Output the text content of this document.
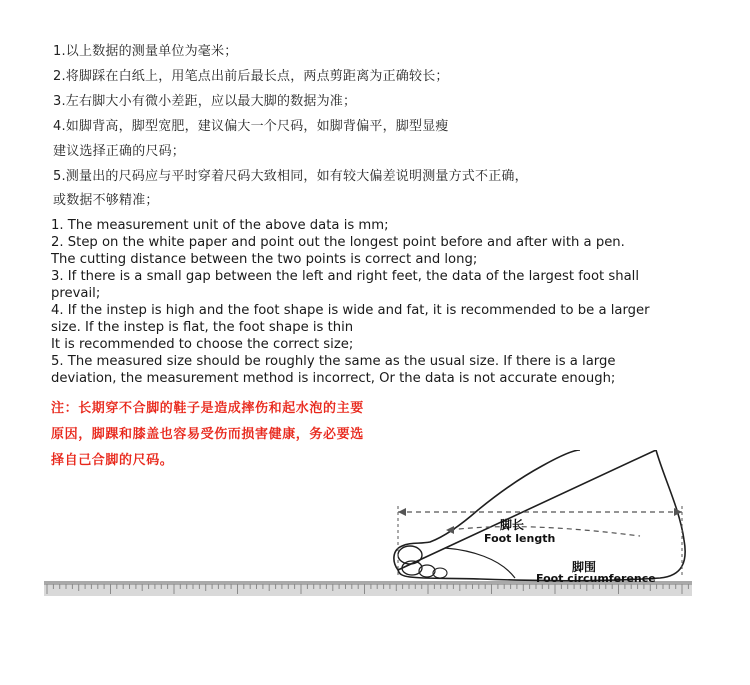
1.以上数据的测量单位为毫米；
2.将脚踩在白纸上，用笔点出前后最长点，两点剪距离为正确较长；
3.左右脚大小有微小差距，应以最大脚的数据为准；
4.如脚背高，脚型宽肥，建议偏大一个尺码，如脚背偏平，脚型显瘦
建议选择正确的尺码；
5.测量出的尺码应与平时穿着尺码大致相同，如有较大偏差说明测量方式不正确，
或数据不够精准；

1. The measurement unit of the above data is mm;

2. Step on the white paper and point out the longest point before and after with a pen.

The cutting distance between the two points is correct and long;

3. If there is a small gap between the left and right feet, the data of the largest foot shall

prevail;

4. If the instep is high and the foot shape is wide and fat, it is recommended to be a larger

size. If the instep is flat, the foot shape is thin

It is recommended to choose the correct size;

5. The measured size should be roughly the same as the usual size. If there is a large

deviation, the measurement method is incorrect, Or the data is not accurate enough;

注：长期穿不合脚的鞋子是造成摔伤和起水泡的主要
原因，脚踝和膝盖也容易受伤而损害健康，务必要选
择自己合脚的尺码。
脚长
Foot length
脚围
Foot circumference
